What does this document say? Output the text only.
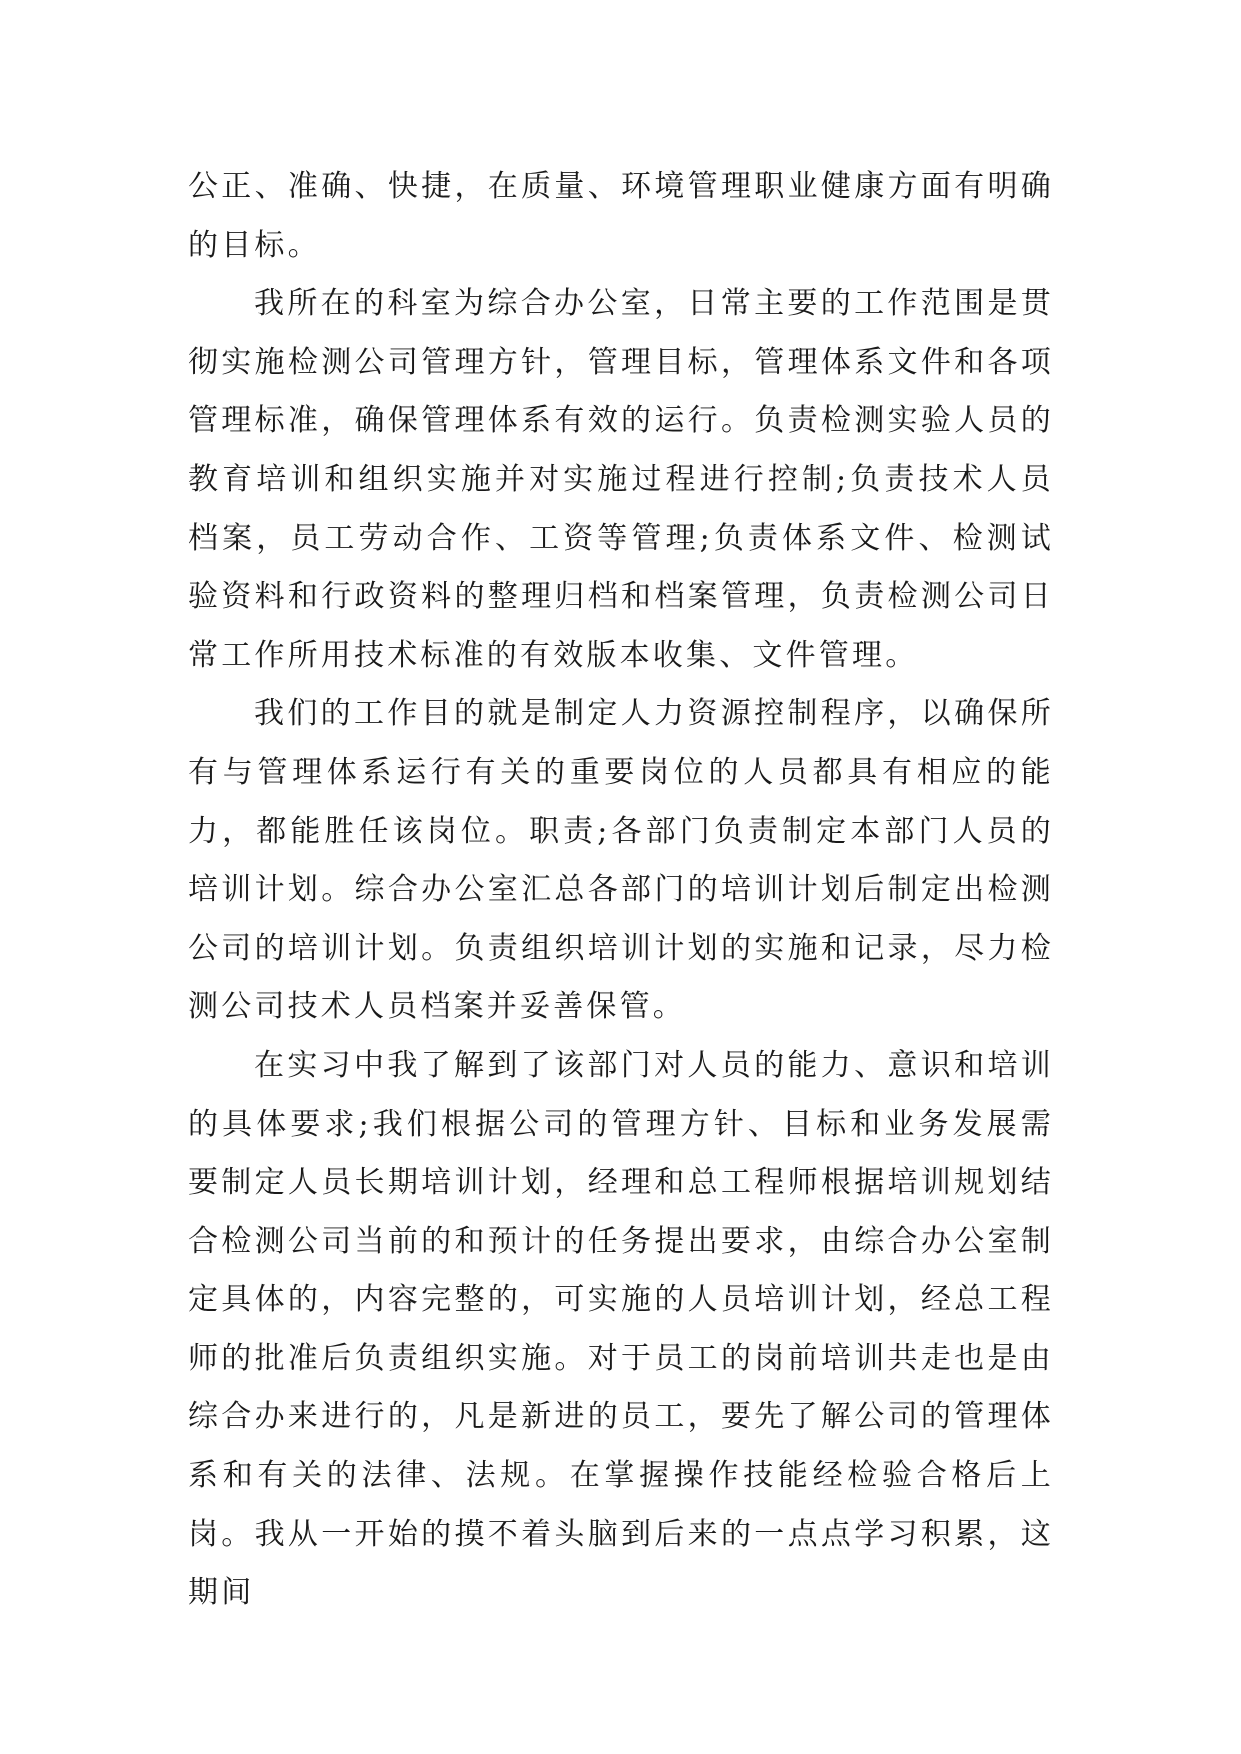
公正、准确、快捷，在质量、环境管理职业健康方面有明确的目标。

我所在的科室为综合办公室，日常主要的工作范围是贯彻实施检测公司管理方针，管理目标，管理体系文件和各项管理标准，确保管理体系有效的运行。负责检测实验人员的教育培训和组织实施并对实施过程进行控制;负责技术人员档案，员工劳动合作、工资等管理;负责体系文件、检测试验资料和行政资料的整理归档和档案管理，负责检测公司日常工作所用技术标准的有效版本收集、文件管理。

我们的工作目的就是制定人力资源控制程序，以确保所有与管理体系运行有关的重要岗位的人员都具有相应的能力，都能胜任该岗位。职责;各部门负责制定本部门人员的培训计划。综合办公室汇总各部门的培训计划后制定出检测公司的培训计划。负责组织培训计划的实施和记录，尽力检测公司技术人员档案并妥善保管。

在实习中我了解到了该部门对人员的能力、意识和培训的具体要求;我们根据公司的管理方针、目标和业务发展需要制定人员长期培训计划，经理和总工程师根据培训规划结合检测公司当前的和预计的任务提出要求，由综合办公室制定具体的，内容完整的，可实施的人员培训计划，经总工程师的批准后负责组织实施。对于员工的岗前培训共走也是由综合办来进行的，凡是新进的员工，要先了解公司的管理体系和有关的法律、法规。在掌握操作技能经检验合格后上岗。我从一开始的摸不着头脑到后来的一点点学习积累，这期间
